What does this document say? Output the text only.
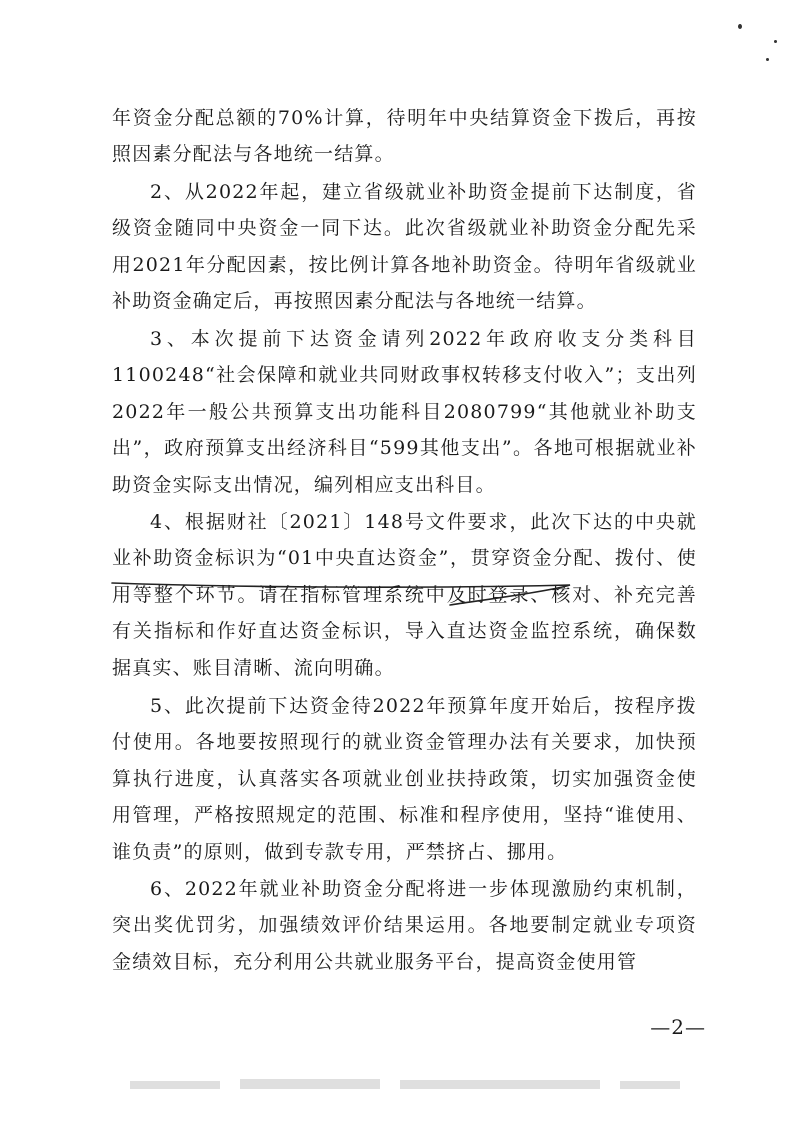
年资金分配总额的70%计算，待明年中央结算资金下拨后，再按照因素分配法与各地统一结算。

2、从2022年起，建立省级就业补助资金提前下达制度，省级资金随同中央资金一同下达。此次省级就业补助资金分配先采用2021年分配因素，按比例计算各地补助资金。待明年省级就业补助资金确定后，再按照因素分配法与各地统一结算。

3、本次提前下达资金请列2022年政府收支分类科目1100248“社会保障和就业共同财政事权转移支付收入”；支出列2022年一般公共预算支出功能科目2080799“其他就业补助支出”，政府预算支出经济科目“599其他支出”。各地可根据就业补助资金实际支出情况，编列相应支出科目。

4、根据财社〔2021〕148号文件要求，此次下达的中央就业补助资金标识为“01中央直达资金”，贯穿资金分配、拨付、使用等整个环节。请在指标管理系统中及时登录、核对、补充完善有关指标和作好直达资金标识，导入直达资金监控系统，确保数据真实、账目清晰、流向明确。

5、此次提前下达资金待2022年预算年度开始后，按程序拨付使用。各地要按照现行的就业资金管理办法有关要求，加快预算执行进度，认真落实各项就业创业扶持政策，切实加强资金使用管理，严格按照规定的范围、标准和程序使用，坚持“谁使用、谁负责”的原则，做到专款专用，严禁挤占、挪用。

6、2022年就业补助资金分配将进一步体现激励约束机制，突出奖优罚劣，加强绩效评价结果运用。各地要制定就业专项资金绩效目标，充分利用公共就业服务平台，提高资金使用管

—2—
